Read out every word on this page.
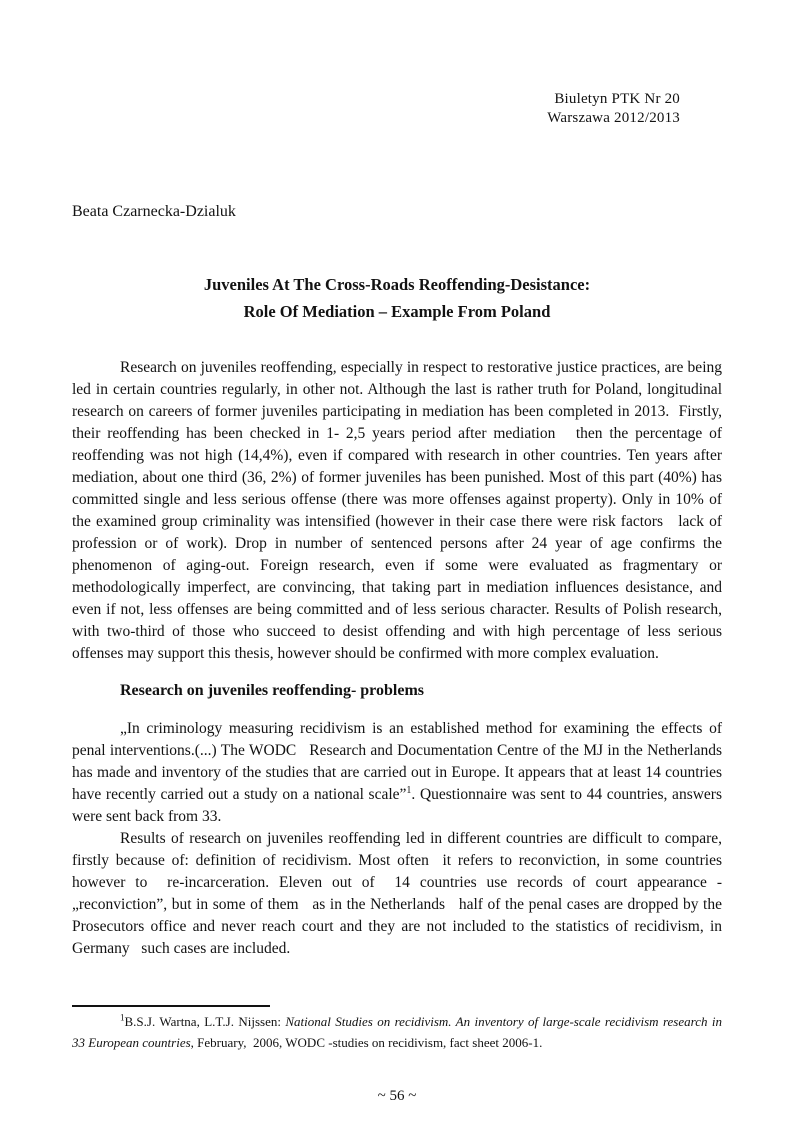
Biuletyn PTK Nr 20
Warszawa 2012/2013
Beata Czarnecka-Dzialuk
Juveniles At The Cross-Roads Reoffending-Desistance:
Role Of Mediation – Example From Poland

Research on juveniles reoffending, especially in respect to restorative justice practices, are being led in certain countries regularly, in other not. Although the last is rather truth for Poland, longitudinal research on careers of former juveniles participating in mediation has been completed in 2013.  Firstly, their reoffending has been checked in 1- 2,5 years period after mediation   then the percentage of reoffending was not high (14,4%), even if compared with research in other countries. Ten years after mediation, about one third (36, 2%) of former juveniles has been punished. Most of this part (40%) has committed single and less serious offense (there was more offenses against property). Only in 10% of the examined group criminality was intensified (however in their case there were risk factors   lack of profession or of work). Drop in number of sentenced persons after 24 year of age confirms the phenomenon of aging-out. Foreign research, even if some were evaluated as fragmentary or methodologically imperfect, are convincing, that taking part in mediation influences desistance, and even if not, less offenses are being committed and of less serious character. Results of Polish research, with two-third of those who succeed to desist offending and with high percentage of less serious offenses may support this thesis, however should be confirmed with more complex evaluation.

Research on juveniles reoffending- problems

„In criminology measuring recidivism is an established method for examining the effects of penal interventions.(...) The WODC   Research and Documentation Centre of the MJ in the Netherlands has made and inventory of the studies that are carried out in Europe. It appears that at least 14 countries have recently carried out a study on a national scale”$^1$. Questionnaire was sent to 44 countries, answers were sent back from 33.

Results of research on juveniles reoffending led in different countries are difficult to compare, firstly because of: definition of recidivism. Most often  it refers to reconviction, in some countries however to  re-incarceration. Eleven out of  14 countries use records of court appearance - „reconviction”, but in some of them   as in the Netherlands   half of the penal cases are dropped by the Prosecutors office and never reach court and they are not included to the statistics of recidivism, in Germany   such cases are included.

$^1$B.S.J. Wartna, L.T.J. Nijssen: National Studies on recidivism. An inventory of large-scale recidivism research in 33 European countries, February,  2006, WODC -studies on recidivism, fact sheet 2006-1.

~ 56 ~
